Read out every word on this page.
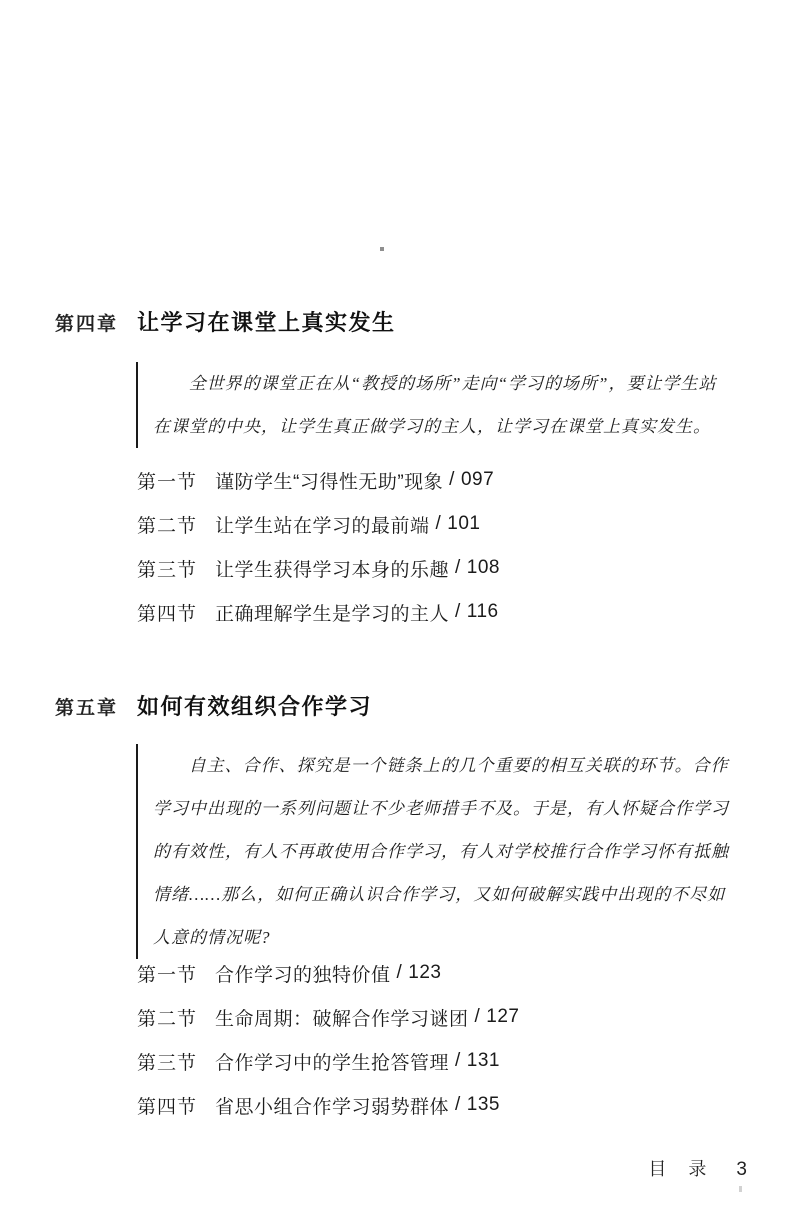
第四章 让学习在课堂上真实发生
全世界的课堂正在从“教授的场所”走向“学习的场所”，要让学生站
在课堂的中央，让学生真正做学习的主人，让学习在课堂上真实发生。
第一节 谨防学生“习得性无助”现象 / 097
第二节 让学生站在学习的最前端 / 101
第三节 让学生获得学习本身的乐趣 / 108
第四节 正确理解学生是学习的主人 / 116
第五章 如何有效组织合作学习
自主、合作、探究是一个链条上的几个重要的相互关联的环节。合作
学习中出现的一系列问题让不少老师措手不及。于是，有人怀疑合作学习
的有效性，有人不再敢使用合作学习，有人对学校推行合作学习怀有抵触
情绪……那么，如何正确认识合作学习，又如何破解实践中出现的不尽如
人意的情况呢?
第一节 合作学习的独特价值 / 123
第二节 生命周期：破解合作学习谜团 / 127
第三节 合作学习中的学生抢答管理 / 131
第四节 省思小组合作学习弱势群体 / 135
目　录 3
